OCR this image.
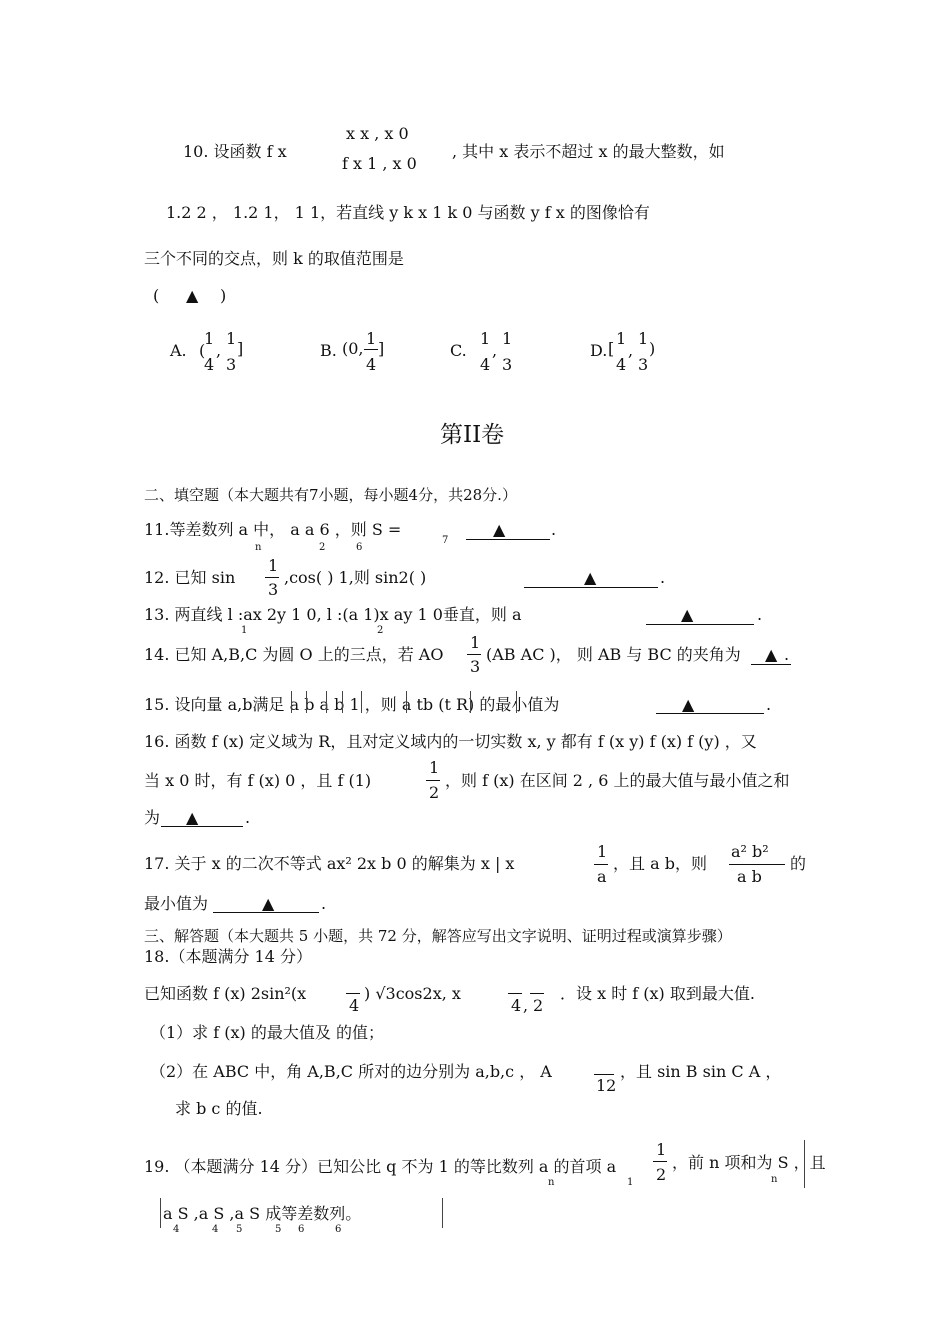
10. 设函数 f x
x x , x 0
f x 1 , x 0
, 其中 x 表示不超过 x 的最大整数，如
1.2 2 ， 1.2 1， 1 1，若直线 y k x 1 k 0 与函数 y f x 的图像恰有
三个不同的交点，则 k 的取值范围是
( ▲ )
A. (
1
4
,
1
3
]	B. (0,
1
4
]	C.
1
4
,
1
3
D. [
1
4
,
1
3
)
第II卷
二、填空题（本大题共有7小题，每小题4分，共28分.）
11.等差数列 a 中， a a 6 ，则 S =
n	2	6
7
▲	.
12. 已知 sin
1
3
,cos( ) 1,则 sin2( )	▲	.
13. 两直线 l :ax 2y 1 0, l :(a 1)x ay 1 0垂直，则 a
1	2
▲	.
14. 已知 A,B,C 为圆 O 上的三点，若 AO
1
3
(AB AC )， 则 AB 与 BC 的夹角为 ▲ .
15. 设向量 a,b满足 a b a b 1 ，则 a tb (t R) 的最小值为	▲	.
16. 函数 f (x) 定义域为 R，且对定义域内的一切实数 x, y 都有 f (x y) f (x) f (y) ，又
当 x 0 时，有 f (x) 0 ，且 f (1)
1
2
，则 f (x) 在区间 2 , 6 上的最大值与最小值之和
为 ▲	.
17. 关于 x 的二次不等式 ax² 2x b 0 的解集为 x | x
1
a
，且 a b，则
a² b²
a b
的
最小值为	▲	.
三、解答题（本大题共 5 小题，共 72 分，解答应写出文字说明、证明过程或演算步骤）
18.（本题满分 14 分）
已知函数 f (x) 2sin²(x
4
) √3cos2x, x
4 , 2
．设 x 时 f (x) 取到最大值.
（1）求 f (x) 的最大值及 的值；
（2）在 ABC 中，角 A,B,C 所对的边分别为 a,b,c ， A
12
，且 sin B sin C A ，
求 b c 的值.
19. （本题满分 14 分）已知公比 q 不为 1 的等比数列 a 的首项 a
n	1
1
2
，前 n 项和为 S ，且
n
a S ,a S ,a S 成等差数列。
4	4 5	5 6	6
